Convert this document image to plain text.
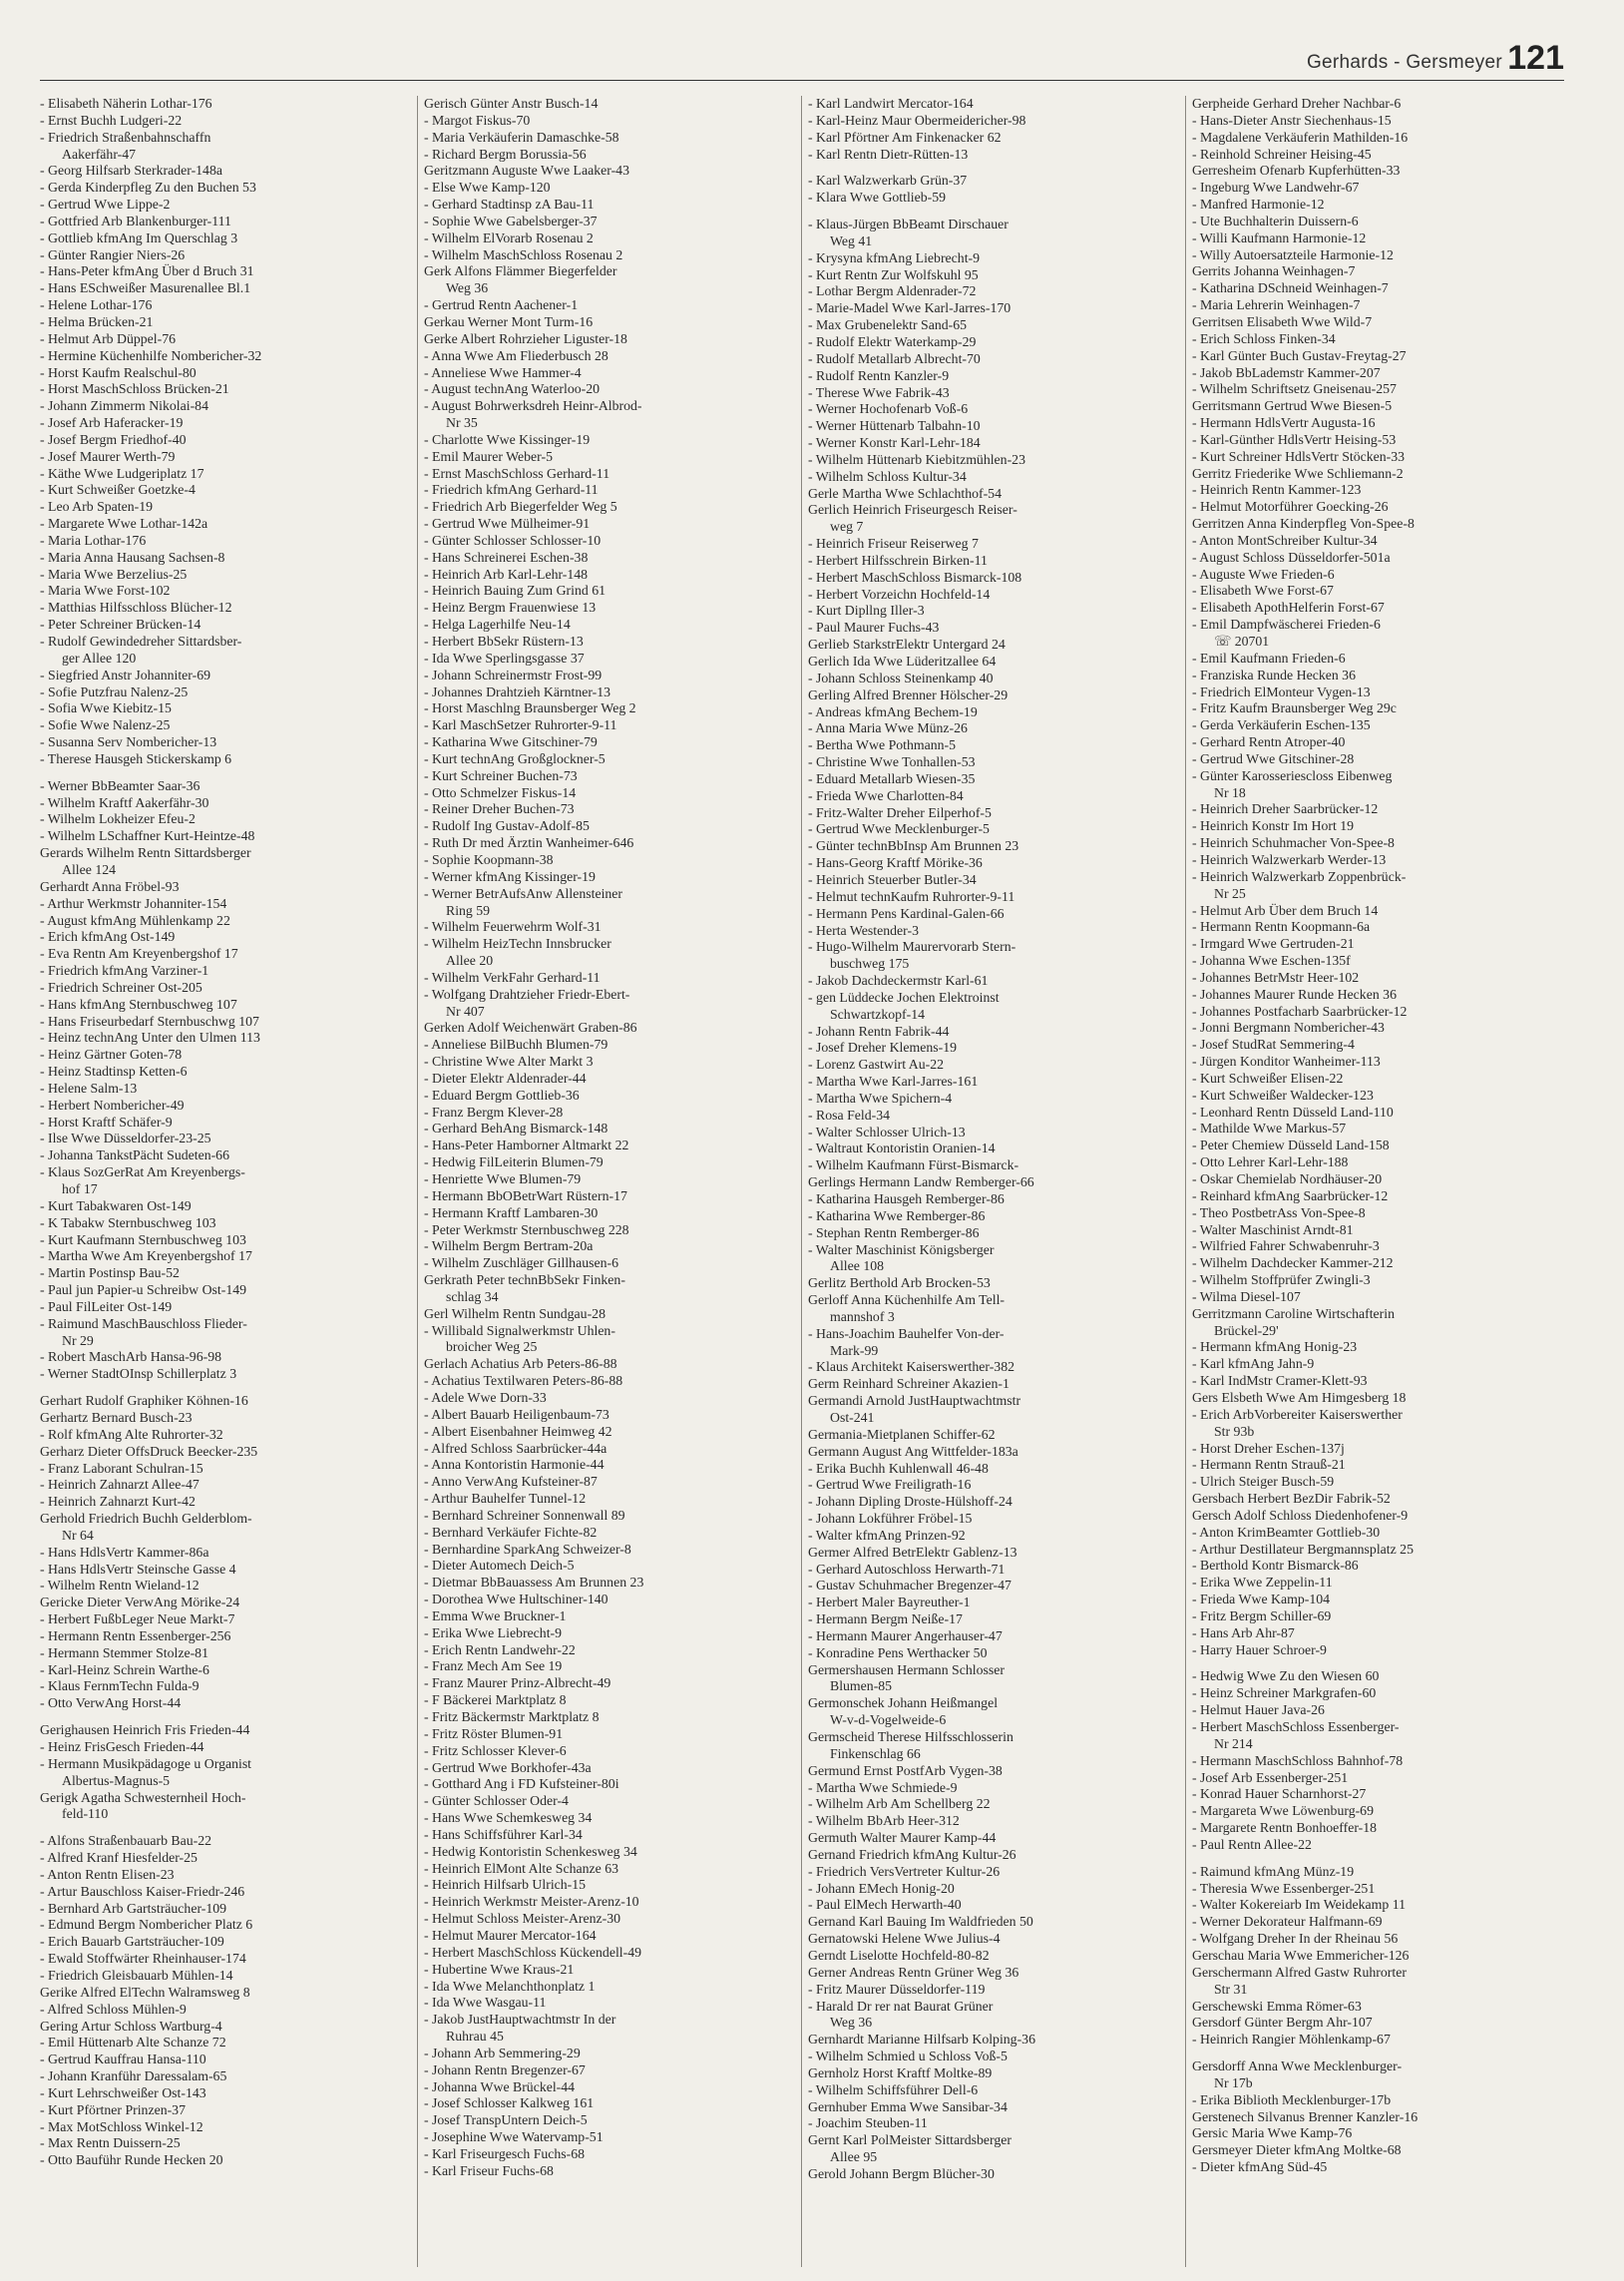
Gerhards - Gersmeyer 121
- Elisabeth Näherin Lothar-176
- Ernst Buchh Ludgeri-22
- Friedrich Straßenbahnschaffn
Aakerfähr-47
- Georg Hilfsarb Sterkrader-148a
- Gerda Kinderpfleg Zu den Buchen 53
- Gertrud Wwe Lippe-2
- Gottfried Arb Blankenburger-111
- Gottlieb kfmAng Im Querschlag 3
- Günter Rangier Niers-26
- Hans-Peter kfmAng Über d Bruch 31
- Hans ESchweißer Masurenallee Bl.1
- Helene Lothar-176
- Helma Brücken-21
- Helmut Arb Düppel-76
- Hermine Küchenhilfe Nombericher-32
- Horst Kaufm Realschul-80
- Horst MaschSchloss Brücken-21
- Johann Zimmerm Nikolai-84
- Josef Arb Haferacker-19
- Josef Bergm Friedhof-40
- Josef Maurer Werth-79
- Käthe Wwe Ludgeriplatz 17
- Kurt Schweißer Goetzke-4
- Leo Arb Spaten-19
- Margarete Wwe Lothar-142a
- Maria Lothar-176
- Maria Anna Hausang Sachsen-8
- Maria Wwe Berzelius-25
- Maria Wwe Forst-102
- Matthias Hilfsschloss Blücher-12
- Peter Schreiner Brücken-14
- Rudolf Gewindedreher Sittardsber-
ger Allee 120
- Siegfried Anstr Johanniter-69
- Sofie Putzfrau Nalenz-25
- Sofia Wwe Kiebitz-15
- Sofie Wwe Nalenz-25
- Susanna Serv Nombericher-13
- Therese Hausgeh Stickerskamp 6
- Werner BbBeamter Saar-36
- Wilhelm Kraftf Aakerfähr-30
- Wilhelm Lokheizer Efeu-2
- Wilhelm LSchaffner Kurt-Heintze-48
Gerards Wilhelm Rentn Sittardsberger
Allee 124
Gerhardt Anna Fröbel-93
- Arthur Werkmstr Johanniter-154
- August kfmAng Mühlenkamp 22
- Erich kfmAng Ost-149
- Eva Rentn Am Kreyenbergshof 17
- Friedrich kfmAng Varziner-1
- Friedrich Schreiner Ost-205
- Hans kfmAng Sternbuschweg 107
- Hans Friseurbedarf Sternbuschwg 107
- Heinz technAng Unter den Ulmen 113
- Heinz Gärtner Goten-78
- Heinz Stadtinsp Ketten-6
- Helene Salm-13
- Herbert Nombericher-49
- Horst Kraftf Schäfer-9
- Ilse Wwe Düsseldorfer-23-25
- Johanna TankstPächt Sudeten-66
- Klaus SozGerRat Am Kreyenbergs-
hof 17
- Kurt Tabakwaren Ost-149
- K Tabakw Sternbuschweg 103
- Kurt Kaufmann Sternbuschweg 103
- Martha Wwe Am Kreyenbergshof 17
- Martin Postinsp Bau-52
- Paul jun Papier-u Schreibw Ost-149
- Paul FilLeiter Ost-149
- Raimund MaschBauschloss Flieder-
Nr 29
- Robert MaschArb Hansa-96-98
- Werner StadtOInsp Schillerplatz 3
Gerhart Rudolf Graphiker Köhnen-16
Gerhartz Bernard Busch-23
- Rolf kfmAng Alte Ruhrorter-32
Gerharz Dieter OffsDruck Beecker-235
- Franz Laborant Schulran-15
- Heinrich Zahnarzt Allee-47
- Heinrich Zahnarzt Kurt-42
Gerhold Friedrich Buchh Gelderblom-
Nr 64
- Hans HdlsVertr Kammer-86a
- Hans HdlsVertr Steinsche Gasse 4
- Wilhelm Rentn Wieland-12
Gericke Dieter VerwAng Mörike-24
- Herbert FußbLeger Neue Markt-7
- Hermann Rentn Essenberger-256
- Hermann Stemmer Stolze-81
- Karl-Heinz Schrein Warthe-6
- Klaus FernmTechn Fulda-9
- Otto VerwAng Horst-44
Gerighausen Heinrich Fris Frieden-44
- Heinz FrisGesch Frieden-44
- Hermann Musikpädagoge u Organist
Albertus-Magnus-5
Gerigk Agatha Schwesternheil Hoch-
feld-110
- Alfons Straßenbauarb Bau-22
- Alfred Kranf Hiesfelder-25
- Anton Rentn Elisen-23
- Artur Bauschloss Kaiser-Friedr-246
- Bernhard Arb Gartsträucher-109
- Edmund Bergm Nombericher Platz 6
- Erich Bauarb Gartsträucher-109
- Ewald Stoffwärter Rheinhauser-174
- Friedrich Gleisbauarb Mühlen-14
Gerike Alfred ElTechn Walramsweg 8
- Alfred Schloss Mühlen-9
Gering Artur Schloss Wartburg-4
- Emil Hüttenarb Alte Schanze 72
- Gertrud Kauffrau Hansa-110
- Johann Kranführ Daressalam-65
- Kurt Lehrschweißer Ost-143
- Kurt Pförtner Prinzen-37
- Max MotSchloss Winkel-12
- Max Rentn Duissern-25
- Otto Bauführ Runde Hecken 20
Gerisch Günter Anstr Busch-14
- Margot Fiskus-70
- Maria Verkäuferin Damaschke-58
- Richard Bergm Borussia-56
Geritzmann Auguste Wwe Laaker-43
- Else Wwe Kamp-120
- Gerhard Stadtinsp zA Bau-11
- Sophie Wwe Gabelsberger-37
- Wilhelm ElVorarb Rosenau 2
- Wilhelm MaschSchloss Rosenau 2
Gerk Alfons Flämmer Biegerfelder
Weg 36
- Gertrud Rentn Aachener-1
Gerkau Werner Mont Turm-16
Gerke Albert Rohrzieher Liguster-18
- Anna Wwe Am Fliederbusch 28
- Anneliese Wwe Hammer-4
- August technAng Waterloo-20
- August Bohrwerksdreh Heinr-Albrod-
Nr 35
- Charlotte Wwe Kissinger-19
- Emil Maurer Weber-5
- Ernst MaschSchloss Gerhard-11
- Friedrich kfmAng Gerhard-11
- Friedrich Arb Biegerfelder Weg 5
- Gertrud Wwe Mülheimer-91
- Günter Schlosser Schlosser-10
- Hans Schreinerei Eschen-38
- Heinrich Arb Karl-Lehr-148
- Heinrich Bauing Zum Grind 61
- Heinz Bergm Frauenwiese 13
- Helga Lagerhilfe Neu-14
- Herbert BbSekr Rüstern-13
- Ida Wwe Sperlingsgasse 37
- Johann Schreinermstr Frost-99
- Johannes Drahtzieh Kärntner-13
- Horst Maschlng Braunsberger Weg 2
- Karl MaschSetzer Ruhrorter-9-11
- Katharina Wwe Gitschiner-79
- Kurt technAng Großglockner-5
- Kurt Schreiner Buchen-73
- Otto Schmelzer Fiskus-14
- Reiner Dreher Buchen-73
- Rudolf Ing Gustav-Adolf-85
- Ruth Dr med Ärztin Wanheimer-646
- Sophie Koopmann-38
- Werner kfmAng Kissinger-19
- Werner BetrAufsAnw Allensteiner
Ring 59
- Wilhelm Feuerwehrm Wolf-31
- Wilhelm HeizTechn Innsbrucker
Allee 20
- Wilhelm VerkFahr Gerhard-11
- Wolfgang Drahtzieher Friedr-Ebert-
Nr 407
Gerken Adolf Weichenwärt Graben-86
- Anneliese BilBuchh Blumen-79
- Christine Wwe Alter Markt 3
- Dieter Elektr Aldenrader-44
- Eduard Bergm Gottlieb-36
- Franz Bergm Klever-28
- Gerhard BehAng Bismarck-148
- Hans-Peter Hamborner Altmarkt 22
- Hedwig FilLeiterin Blumen-79
- Henriette Wwe Blumen-79
- Hermann BbOBetrWart Rüstern-17
- Hermann Kraftf Lambaren-30
- Peter Werkmstr Sternbuschweg 228
- Wilhelm Bergm Bertram-20a
- Wilhelm Zuschläger Gillhausen-6
Gerkrath Peter technBbSekr Finken-
schlag 34
Gerl Wilhelm Rentn Sundgau-28
- Willibald Signalwerkmstr Uhlen-
broicher Weg 25
Gerlach Achatius Arb Peters-86-88
- Achatius Textilwaren Peters-86-88
- Adele Wwe Dorn-33
- Albert Bauarb Heiligenbaum-73
- Albert Eisenbahner Heimweg 42
- Alfred Schloss Saarbrücker-44a
- Anna Kontoristin Harmonie-44
- Anno VerwAng Kufsteiner-87
- Arthur Bauhelfer Tunnel-12
- Bernhard Schreiner Sonnenwall 89
- Bernhard Verkäufer Fichte-82
- Bernhardine SparkAng Schweizer-8
- Dieter Automech Deich-5
- Dietmar BbBauassess Am Brunnen 23
- Dorothea Wwe Hultschiner-140
- Emma Wwe Bruckner-1
- Erika Wwe Liebrecht-9
- Erich Rentn Landwehr-22
- Franz Mech Am See 19
- Franz Maurer Prinz-Albrecht-49
- F Bäckerei Marktplatz 8
- Fritz Bäckermstr Marktplatz 8
- Fritz Röster Blumen-91
- Fritz Schlosser Klever-6
- Gertrud Wwe Borkhofer-43a
- Gotthard Ang i FD Kufsteiner-80i
- Günter Schlosser Oder-4
- Hans Wwe Schemkesweg 34
- Hans Schiffsführer Karl-34
- Hedwig Kontoristin Schenkesweg 34
- Heinrich ElMont Alte Schanze 63
- Heinrich Hilfsarb Ulrich-15
- Heinrich Werkmstr Meister-Arenz-10
- Helmut Schloss Meister-Arenz-30
- Helmut Maurer Mercator-164
- Herbert MaschSchloss Kückendell-49
- Hubertine Wwe Kraus-21
- Ida Wwe Melanchthonplatz 1
- Ida Wwe Wasgau-11
- Jakob JustHauptwachtmstr In der
Ruhrau 45
- Johann Arb Semmering-29
- Johann Rentn Bregenzer-67
- Johanna Wwe Brückel-44
- Josef Schlosser Kalkweg 161
- Josef TranspUntern Deich-5
- Josephine Wwe Watervamp-51
- Karl Friseurgesch Fuchs-68
- Karl Friseur Fuchs-68
- Karl Landwirt Mercator-164
- Karl-Heinz Maur Obermeidericher-98
- Karl Pförtner Am Finkenacker 62
- Karl Rentn Dietr-Rütten-13
- Karl Walzwerkarb Grün-37
- Klara Wwe Gottlieb-59
- Klaus-Jürgen BbBeamt Dirschauer
Weg 41
- Krysyna kfmAng Liebrecht-9
- Kurt Rentn Zur Wolfskuhl 95
- Lothar Bergm Aldenrader-72
- Marie-Madel Wwe Karl-Jarres-170
- Max Grubenelektr Sand-65
- Rudolf Elektr Waterkamp-29
- Rudolf Metallarb Albrecht-70
- Rudolf Rentn Kanzler-9
- Therese Wwe Fabrik-43
- Werner Hochofenarb Voß-6
- Werner Hüttenarb Talbahn-10
- Werner Konstr Karl-Lehr-184
- Wilhelm Hüttenarb Kiebitzmühlen-23
- Wilhelm Schloss Kultur-34
Gerle Martha Wwe Schlachthof-54
Gerlich Heinrich Friseurgesch Reiser-
weg 7
- Heinrich Friseur Reiserweg 7
- Herbert Hilfsschrein Birken-11
- Herbert MaschSchloss Bismarck-108
- Herbert Vorzeichn Hochfeld-14
- Kurt Dipllng Iller-3
- Paul Maurer Fuchs-43
Gerlieb StarkstrElektr Untergard 24
Gerlich Ida Wwe Lüderitzallee 64
- Johann Schloss Steinenkamp 40
Gerling Alfred Brenner Hölscher-29
- Andreas kfmAng Bechem-19
- Anna Maria Wwe Münz-26
- Bertha Wwe Pothmann-5
- Christine Wwe Tonhallen-53
- Eduard Metallarb Wiesen-35
- Frieda Wwe Charlotten-84
- Fritz-Walter Dreher Eilperhof-5
- Gertrud Wwe Mecklenburger-5
- Günter technBbInsp Am Brunnen 23
- Hans-Georg Kraftf Mörike-36
- Heinrich Steuerber Butler-34
- Helmut technKaufm Ruhrorter-9-11
- Hermann Pens Kardinal-Galen-66
- Herta Westender-3
- Hugo-Wilhelm Maurervorarb Stern-
buschweg 175
- Jakob Dachdeckermstr Karl-61
- gen Lüddecke Jochen Elektroinst
Schwartzkopf-14
- Johann Rentn Fabrik-44
- Josef Dreher Klemens-19
- Lorenz Gastwirt Au-22
- Martha Wwe Karl-Jarres-161
- Martha Wwe Spichern-4
- Rosa Feld-34
- Walter Schlosser Ulrich-13
- Waltraut Kontoristin Oranien-14
- Wilhelm Kaufmann Fürst-Bismarck-
Gerlings Hermann Landw Remberger-66
- Katharina Hausgeh Remberger-86
- Katharina Wwe Remberger-86
- Stephan Rentn Remberger-86
- Walter Maschinist Königsberger
Allee 108
Gerlitz Berthold Arb Brocken-53
Gerloff Anna Küchenhilfe Am Tell-
mannshof 3
- Hans-Joachim Bauhelfer Von-der-
Mark-99
- Klaus Architekt Kaiserswerther-382
Germ Reinhard Schreiner Akazien-1
Germandi Arnold JustHauptwachtmstr
Ost-241
Germania-Mietplanen Schiffer-62
Germann August Ang Wittfelder-183a
- Erika Buchh Kuhlenwall 46-48
- Gertrud Wwe Freiligrath-16
- Johann Dipling Droste-Hülshoff-24
- Johann Lokführer Fröbel-15
- Walter kfmAng Prinzen-92
Germer Alfred BetrElektr Gablenz-13
- Gerhard Autoschloss Herwarth-71
- Gustav Schuhmacher Bregenzer-47
- Herbert Maler Bayreuther-1
- Hermann Bergm Neiße-17
- Hermann Maurer Angerhauser-47
- Konradine Pens Werthacker 50
Germershausen Hermann Schlosser
Blumen-85
Germonschek Johann Heißmangel
W-v-d-Vogelweide-6
Germscheid Therese Hilfsschlosserin
Finkenschlag 66
Germund Ernst PostfArb Vygen-38
- Martha Wwe Schmiede-9
- Wilhelm Arb Am Schellberg 22
- Wilhelm BbArb Heer-312
Germuth Walter Maurer Kamp-44
Gernand Friedrich kfmAng Kultur-26
- Friedrich VersVertreter Kultur-26
- Johann EMech Honig-20
- Paul ElMech Herwarth-40
Gernand Karl Bauing Im Waldfrieden 50
Gernatowski Helene Wwe Julius-4
Gerndt Liselotte Hochfeld-80-82
Gerner Andreas Rentn Grüner Weg 36
- Fritz Maurer Düsseldorfer-119
- Harald Dr rer nat Baurat Grüner
Weg 36
Gernhardt Marianne Hilfsarb Kolping-36
- Wilhelm Schmied u Schloss Voß-5
Gernholz Horst Kraftf Moltke-89
- Wilhelm Schiffsführer Dell-6
Gernhuber Emma Wwe Sansibar-34
- Joachim Steuben-11
Gernt Karl PolMeister Sittardsberger
Allee 95
Gerold Johann Bergm Blücher-30
Gerpheide Gerhard Dreher Nachbar-6
- Hans-Dieter Anstr Siechenhaus-15
- Magdalene Verkäuferin Mathilden-16
- Reinhold Schreiner Heising-45
Gerresheim Ofenarb Kupferhütten-33
- Ingeburg Wwe Landwehr-67
- Manfred Harmonie-12
- Ute Buchhalterin Duissern-6
- Willi Kaufmann Harmonie-12
- Willy Autoersatzteile Harmonie-12
Gerrits Johanna Weinhagen-7
- Katharina DSchneid Weinhagen-7
- Maria Lehrerin Weinhagen-7
Gerritsen Elisabeth Wwe Wild-7
- Erich Schloss Finken-34
- Karl Günter Buch Gustav-Freytag-27
- Jakob BbLademstr Kammer-207
- Wilhelm Schriftsetz Gneisenau-257
Gerritsmann Gertrud Wwe Biesen-5
- Hermann HdlsVertr Augusta-16
- Karl-Günther HdlsVertr Heising-53
- Kurt Schreiner HdlsVertr Stöcken-33
Gerritz Friederike Wwe Schliemann-2
- Heinrich Rentn Kammer-123
- Helmut Motorführer Goecking-26
Gerritzen Anna Kinderpfleg Von-Spee-8
- Anton MontSchreiber Kultur-34
- August Schloss Düsseldorfer-501a
- Auguste Wwe Frieden-6
- Elisabeth Wwe Forst-67
- Elisabeth ApothHelferin Forst-67
- Emil Dampfwäscherei Frieden-6
☏ 20701
- Emil Kaufmann Frieden-6
- Franziska Runde Hecken 36
- Friedrich ElMonteur Vygen-13
- Fritz Kaufm Braunsberger Weg 29c
- Gerda Verkäuferin Eschen-135
- Gerhard Rentn Atroper-40
- Gertrud Wwe Gitschiner-28
- Günter Karosseriescloss Eibenweg
Nr 18
- Heinrich Dreher Saarbrücker-12
- Heinrich Konstr Im Hort 19
- Heinrich Schuhmacher Von-Spee-8
- Heinrich Walzwerkarb Werder-13
- Heinrich Walzwerkarb Zoppenbrück-
Nr 25
- Helmut Arb Über dem Bruch 14
- Hermann Rentn Koopmann-6a
- Irmgard Wwe Gertruden-21
- Johanna Wwe Eschen-135f
- Johannes BetrMstr Heer-102
- Johannes Maurer Runde Hecken 36
- Johannes Postfacharb Saarbrücker-12
- Jonni Bergmann Nombericher-43
- Josef StudRat Semmering-4
- Jürgen Konditor Wanheimer-113
- Kurt Schweißer Elisen-22
- Kurt Schweißer Waldecker-123
- Leonhard Rentn Düsseld Land-110
- Mathilde Wwe Markus-57
- Peter Chemiew Düsseld Land-158
- Otto Lehrer Karl-Lehr-188
- Oskar Chemielab Nordhäuser-20
- Reinhard kfmAng Saarbrücker-12
- Theo PostbetrAss Von-Spee-8
- Walter Maschinist Arndt-81
- Wilfried Fahrer Schwabenruhr-3
- Wilhelm Dachdecker Kammer-212
- Wilhelm Stoffprüfer Zwingli-3
- Wilma Diesel-107
Gerritzmann Caroline Wirtschafterin
Brückel-29'
- Hermann kfmAng Honig-23
- Karl kfmAng Jahn-9
- Karl IndMstr Cramer-Klett-93
Gers Elsbeth Wwe Am Himgesberg 18
- Erich ArbVorbereiter Kaiserswerther
Str 93b
- Horst Dreher Eschen-137j
- Hermann Rentn Strauß-21
- Ulrich Steiger Busch-59
Gersbach Herbert BezDir Fabrik-52
Gersch Adolf Schloss Diedenhofener-9
- Anton KrimBeamter Gottlieb-30
- Arthur Destillateur Bergmannsplatz 25
- Berthold Kontr Bismarck-86
- Erika Wwe Zeppelin-11
- Frieda Wwe Kamp-104
- Fritz Bergm Schiller-69
- Hans Arb Ahr-87
- Harry Hauer Schroer-9
- Hedwig Wwe Zu den Wiesen 60
- Heinz Schreiner Markgrafen-60
- Helmut Hauer Java-26
- Herbert MaschSchloss Essenberger-
Nr 214
- Hermann MaschSchloss Bahnhof-78
- Josef Arb Essenberger-251
- Konrad Hauer Scharnhorst-27
- Margareta Wwe Löwenburg-69
- Margarete Rentn Bonhoeffer-18
- Paul Rentn Allee-22
- Raimund kfmAng Münz-19
- Theresia Wwe Essenberger-251
- Walter Kokereiarb Im Weidekamp 11
- Werner Dekorateur Halfmann-69
- Wolfgang Dreher In der Rheinau 56
Gerschau Maria Wwe Emmericher-126
Gerschermann Alfred Gastw Ruhrorter
Str 31
Gerschewski Emma Römer-63
Gersdorf Günter Bergm Ahr-107
- Heinrich Rangier Möhlenkamp-67
Gersdorff Anna Wwe Mecklenburger-
Nr 17b
- Erika Biblioth Mecklenburger-17b
Gerstenech Silvanus Brenner Kanzler-16
Gersic Maria Wwe Kamp-76
Gersmeyer Dieter kfmAng Moltke-68
- Dieter kfmAng Süd-45
